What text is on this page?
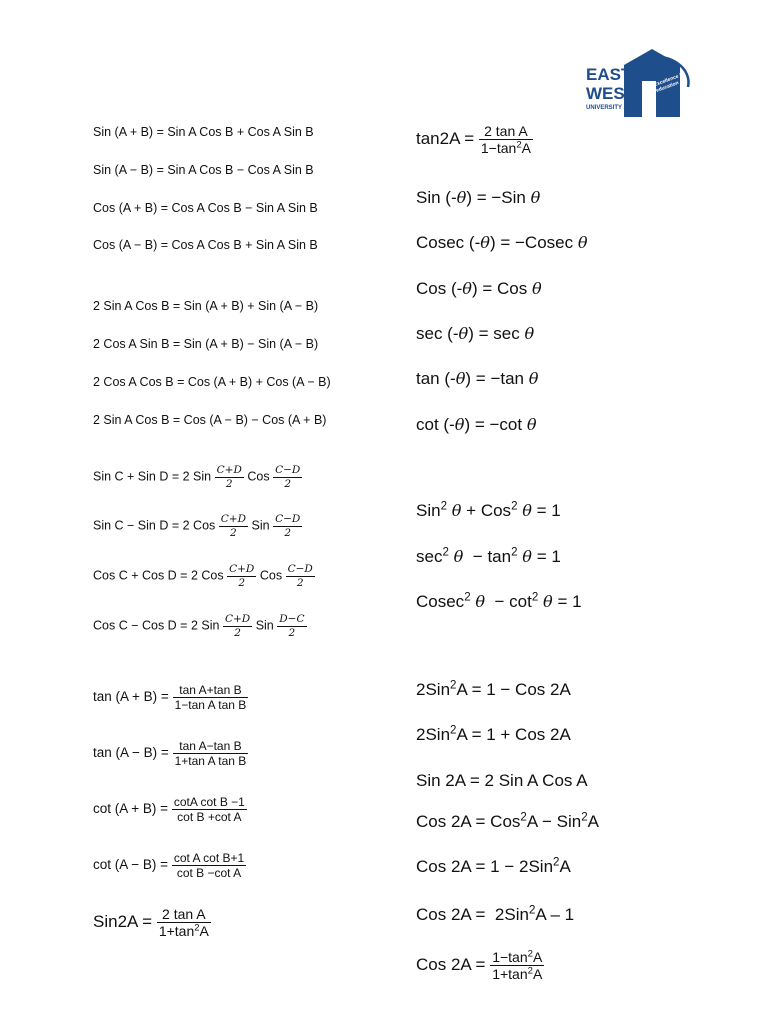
EAST
WEST
UNIVERSITY
Excellence in education
Sin (A + B) = Sin A Cos B + Cos A Sin B
Sin (A − B) = Sin A Cos B − Cos A Sin B
Cos (A + B) = Cos A Cos B − Sin A Sin B
Cos (A − B) = Cos A Cos B + Sin A Sin B
2 Sin A Cos B = Sin (A + B) + Sin (A − B)
2 Cos A Sin B = Sin (A + B) − Sin (A − B)
2 Cos A Cos B = Cos (A + B) + Cos (A − B)
2 Sin A Cos B = Cos (A − B) − Cos (A + B)
Sin C + Sin D = 2 Sin $\frac{C+D}{2}$ Cos $\frac{C-D}{2}$
Sin C − Sin D = 2 Cos $\frac{C+D}{2}$ Sin $\frac{C-D}{2}$
Cos C + Cos D = 2 Cos $\frac{C+D}{2}$ Cos $\frac{C-D}{2}$
Cos C − Cos D = 2 Sin $\frac{C+D}{2}$ Sin $\frac{D-C}{2}$
$\tan (A + B) = \frac{\text{tan A+tan B}}{\text{1−tan A tan B}}$
$\tan (A - B) = \frac{\text{tan A−tan B}}{\text{1+tan A tan B}}$
$\cot (A + B) = \frac{\text{cotA cot B −1}}{\text{cot B +cot A}}$
$\cot (A - B) = \frac{\text{cot A cot B+1}}{\text{cot B −cot A}}$
$Sin2A = \frac{\text{2 tan A}}{1+\tan^2A}$
$\tan 2A = \frac{\text{2 tan A}}{1-\tan^2A}$
Sin (-θ) = −Sin θ
Cosec (-θ) = −Cosec θ
Cos (-θ) = Cos θ
sec (-θ) = sec θ
tan (-θ) = −tan θ
cot (-θ) = −cot θ
Sin$^2$ θ + Cos$^2$ θ = 1
$\sec^2 \theta - \tan^2 \theta = 1$
Cosec$^2$ $\theta - \cot^2 \theta = 1$
2Sin$^2$A = 1 − Cos 2A
2Sin$^2$A = 1 + Cos 2A
Sin 2A = 2 Sin A Cos A
Cos 2A = Cos$^2$A − Sin$^2$A
Cos 2A = 1 − 2Sin$^2$A
Cos 2A =  2Sin$^2$A – 1
Cos $2A = \frac{1-\tan^2A}{1+\tan^2A}$
